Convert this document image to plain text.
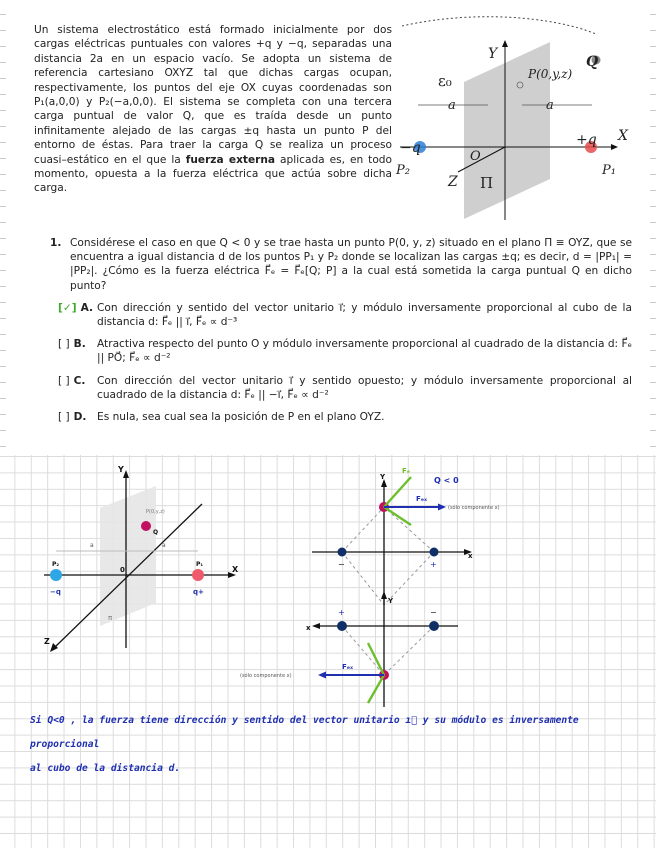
Un sistema electrostático está formado inicialmente por dos cargas eléctricas puntuales con valores +q y −q, separadas una distancia 2a en un espacio vacío. Se adopta un sistema de referencia cartesiano OXYZ tal que dichas cargas ocupan, respectivamente, los puntos del eje OX cuyas coordenadas son P₁(a,0,0) y P₂(−a,0,0). El sistema se completa con una tercera carga puntual de valor Q, que es traída desde un punto infinitamente alejado de las cargas ±q hasta un punto P del entorno de éstas. Para traer la carga Q se realiza un proceso cuasi–estático en el que la fuerza externa aplicada es, en todo momento, opuesta a la fuerza eléctrica que actúa sobre dicha carga.
a	a
Y
X
Z Π
O
ε₀	P(0,y,z)
Q
−q	+q
P₂	P₁
1. Considérese el caso en que Q < 0 y se trae hasta un punto P(0, y, z) situado en el plano Π ≡ OYZ, que se encuentra a igual distancia d de los puntos P₁ y P₂ donde se localizan las cargas ±q; es decir, d = |PP₁| = |PP₂|. ¿Cómo es la fuerza eléctrica F⃗ₑ = F⃗ₑ[Q; P] a la cual está sometida la carga puntual Q en dicho punto?
[✓] A. Con dirección y sentido del vector unitario ı⃗; y módulo inversamente proporcional al cubo de la distancia d: F⃗ₑ || ı⃗, F⃗ₑ ∝ d⁻³
[ ] B. Atractiva respecto del punto O y módulo inversamente proporcional al cuadrado de la distancia d: F⃗ₑ || PO⃗; F⃗ₑ ∝ d⁻²
[ ] C. Con dirección del vector unitario ı⃗ y sentido opuesto; y módulo inversamente proporcional al cuadrado de la distancia d: F⃗ₑ || −ı⃗, F⃗ₑ ∝ d⁻²
[ ] D. Es nula, sea cual sea la posición de P en el plano OYZ.
a	a
Y
X
Z
0
π
P(0,y,z)
Q
P₂
−q
P₁
q+
−	+
Fₑ
Fₑₓ
Q < 0
(sólo componente x)
x
Y
+	−
Fₑₓ
(sólo componente x)
x
Y
Si Q<0 , la fuerza tiene dirección y sentido del vector unitario ı⃗ y su módulo es inversamente proporcional
al cubo de la distancia d.
